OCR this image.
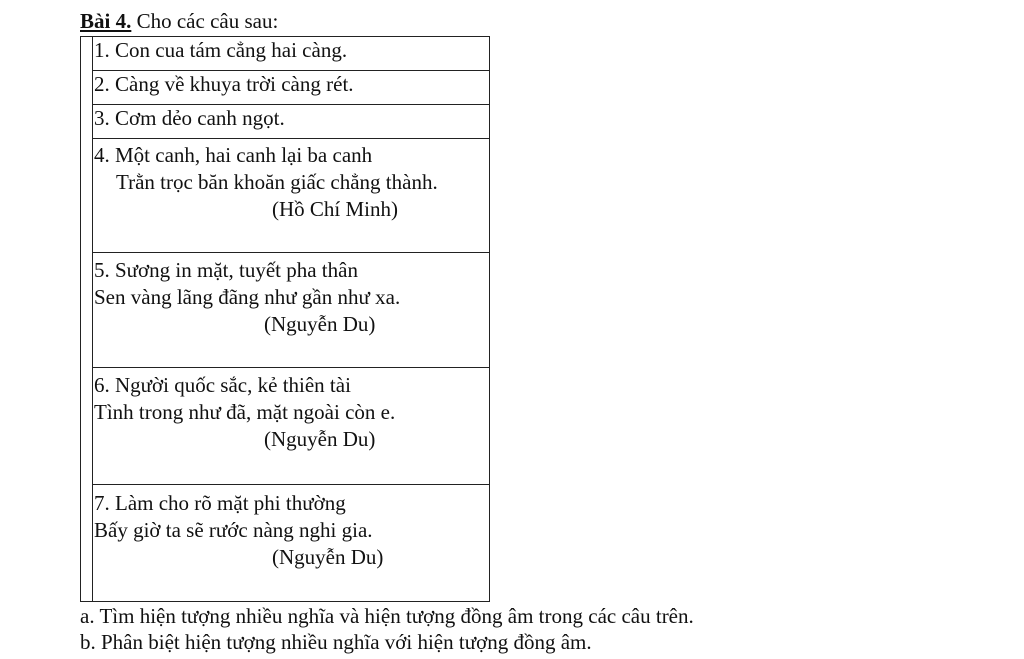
Bài 4. Cho các câu sau:
1. Con cua tám cẳng hai càng.
2. Càng về khuya trời càng rét.
3. Cơm dẻo canh ngọt.
4. Một canh, hai canh lại ba canh
Trằn trọc băn khoăn giấc chẳng thành.
(Hồ Chí Minh)
5. Sương in mặt, tuyết pha thân
Sen vàng lãng đãng như gần như xa.
(Nguyễn Du)
6. Người quốc sắc, kẻ thiên tài
Tình trong như đã, mặt ngoài còn e.
(Nguyễn Du)
7. Làm cho rõ mặt phi thường
Bấy giờ ta sẽ rước nàng nghi gia.
(Nguyễn Du)
a. Tìm hiện tượng nhiều nghĩa và hiện tượng đồng âm trong các câu trên.
b. Phân biệt hiện tượng nhiều nghĩa với hiện tượng đồng âm.
